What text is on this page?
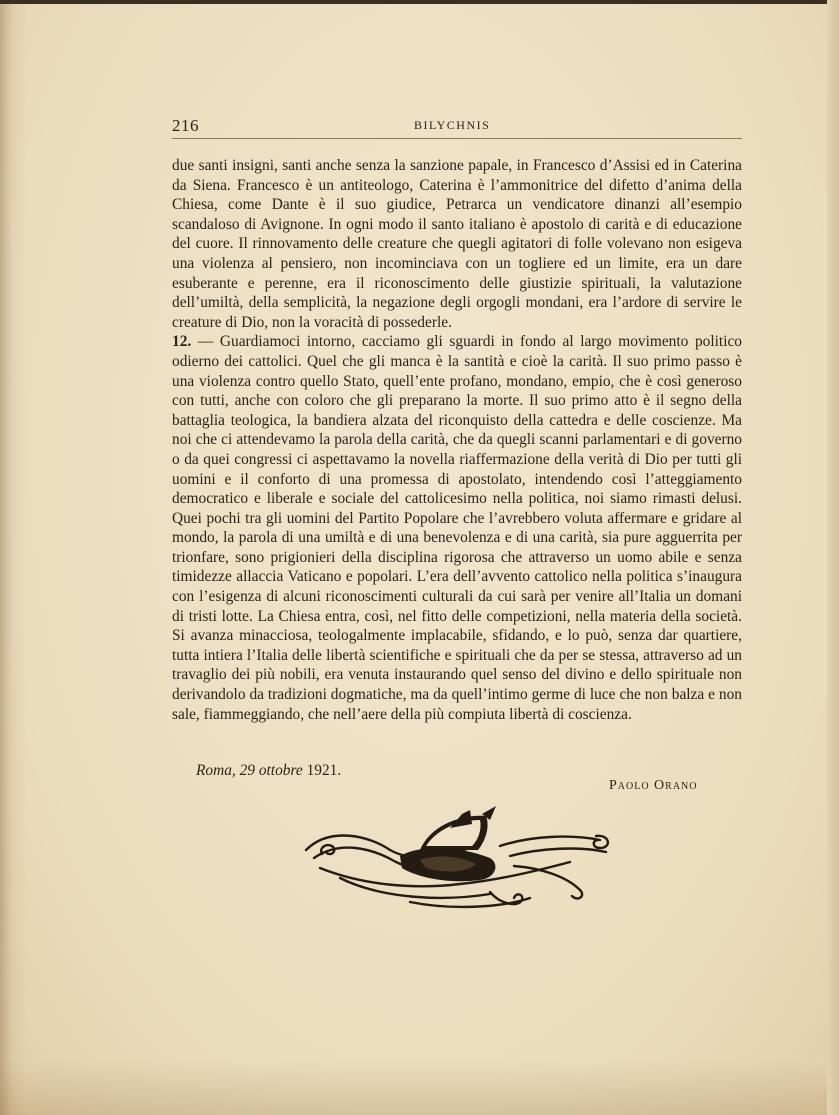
216	BILYCHNIS

due santi insigni, santi anche senza la sanzione papale, in Francesco d’Assisi ed in Caterina da Siena. Francesco è un antiteologo, Caterina è l’ammonitrice del difetto d’anima della Chiesa, come Dante è il suo giudice, Petrarca un vendicatore dinanzi all’esempio scandaloso di Avignone. In ogni modo il santo italiano è apostolo di carità e di educazione del cuore. Il rinnovamento delle creature che quegli agitatori di folle volevano non esigeva una violenza al pensiero, non incominciava con un togliere ed un limite, era un dare esuberante e perenne, era il riconoscimento delle giustizie spirituali, la valutazione dell’umiltà, della semplicità, la negazione degli orgogli mondani, era l’ardore di servire le creature di Dio, non la voracità di possederle.

12. — Guardiamoci intorno, cacciamo gli sguardi in fondo al largo movimento politico odierno dei cattolici. Quel che gli manca è la santità e cioè la carità. Il suo primo passo è una violenza contro quello Stato, quell’ente profano, mondano, empio, che è così generoso con tutti, anche con coloro che gli preparano la morte. Il suo primo atto è il segno della battaglia teologica, la bandiera alzata del riconquisto della cattedra e delle coscienze. Ma noi che ci attendevamo la parola della carità, che da quegli scanni parlamentari e di governo o da quei congressi ci aspettavamo la novella riaffermazione della verità di Dio per tutti gli uomini e il conforto di una promessa di apostolato, intendendo così l’atteggiamento democratico e liberale e sociale del cattolicesimo nella politica, noi siamo rimasti delusi. Quei pochi tra gli uomini del Partito Popolare che l’avrebbero voluta affermare e gridare al mondo, la parola di una umiltà e di una benevolenza e di una carità, sia pure agguerrita per trionfare, sono prigionieri della disciplina rigorosa che attraverso un uomo abile e senza timidezze allaccia Vaticano e popolari. L’era dell’avvento cattolico nella politica s’inaugura con l’esigenza di alcuni riconoscimenti culturali da cui sarà per venire all’Italia un domani di tristi lotte. La Chiesa entra, così, nel fitto delle competizioni, nella materia della società. Si avanza minacciosa, teologalmente implacabile, sfidando, e lo può, senza dar quartiere, tutta intiera l’Italia delle libertà scientifiche e spirituali che da per se stessa, attraverso ad un travaglio dei più nobili, era venuta instaurando quel senso del divino e dello spirituale non derivandolo da tradizioni dogmatiche, ma da quell’intimo germe di luce che non balza e non sale, fiammeggiando, che nell’aere della più compiuta libertà di coscienza.

Roma, 29 ottobre 1921.
Paolo Orano
